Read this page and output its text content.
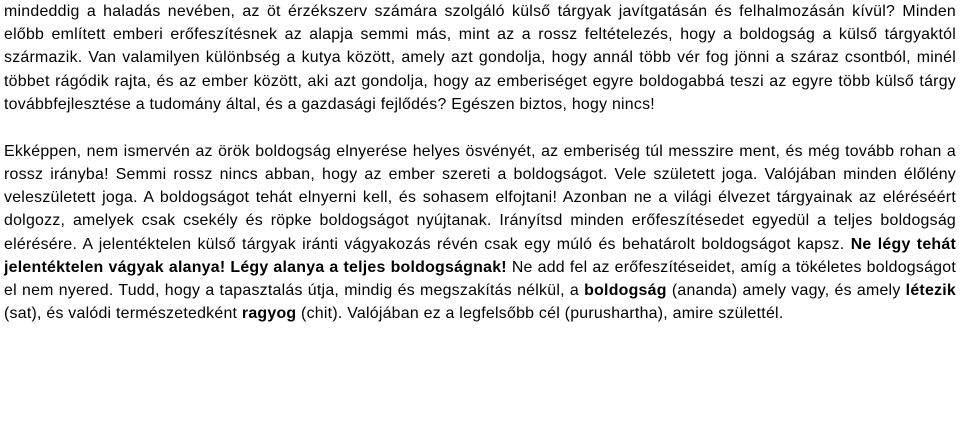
mindeddig a haladás nevében, az öt érzékszerv számára szolgáló külső tárgyak javítgatásán és felhalmozásán kívül? Minden előbb említett emberi erőfeszítésnek az alapja semmi más, mint az a rossz feltételezés, hogy a boldogság a külső tárgyaktól származik. Van valamilyen különbség a kutya között, amely azt gondolja, hogy annál több vér fog jönni a száraz csontból, minél többet rágódik rajta, és az ember között, aki azt gondolja, hogy az emberiséget egyre boldogabbá teszi az egyre több külső tárgy továbbfejlesztése a tudomány által, és a gazdasági fejlődés? Egészen biztos, hogy nincs!

Ekképpen, nem ismervén az örök boldogság elnyerése helyes ösvényét, az emberiség túl messzire ment, és még tovább rohan a rossz irányba! Semmi rossz nincs abban, hogy az ember szereti a boldogságot. Vele született joga. Valójában minden élőlény veleszületett joga. A boldogságot tehát elnyerni kell, és sohasem elfojtani! Azonban ne a világi élvezet tárgyainak az eléréséért dolgozz, amelyek csak csekély és röpke boldogságot nyújtanak. Irányítsd minden erőfeszítésedet egyedül a teljes boldogság elérésére. A jelentéktelen külső tárgyak iránti vágyakozás révén csak egy múló és behatárolt boldogságot kapsz. Ne légy tehát jelentéktelen vágyak alanya! Légy alanya a teljes boldogságnak! Ne add fel az erőfeszítéseidet, amíg a tökéletes boldogságot el nem nyered. Tudd, hogy a tapasztalás útja, mindig és megszakítás nélkül, a boldogság (ananda) amely vagy, és amely létezik (sat), és valódi természetedként ragyog (chit). Valójában ez a legfelsőbb cél (purushartha), amire születtél.
